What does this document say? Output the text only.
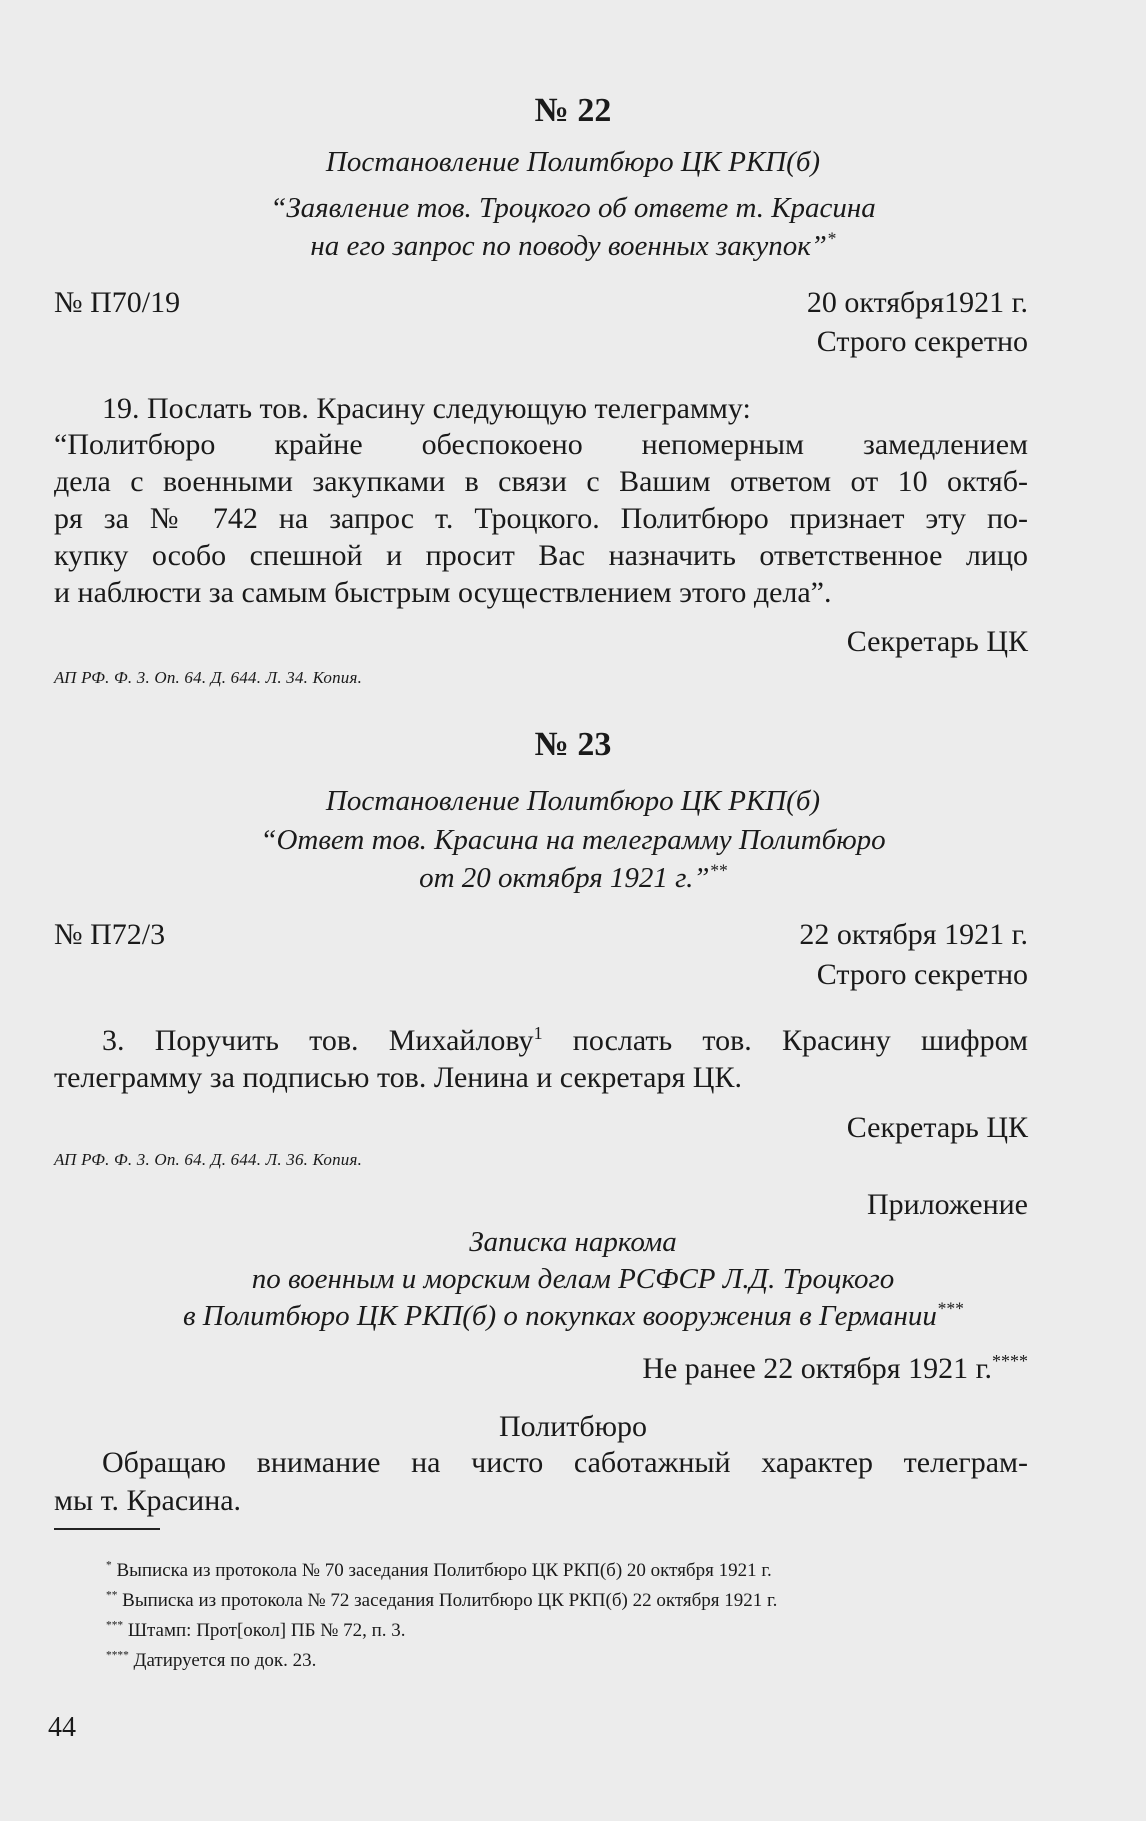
№ 22
Постановление Политбюро ЦК РКП(б)
“Заявление тов. Троцкого об ответе т. Красина
на его запрос по поводу военных закупок”*
№ П70/19	20 октября1921 г.
Строго секретно
19. Послать тов. Красину следующую телеграмму:
“Политбюро крайне обеспокоено непомерным замедлением
дела с военными закупками в связи с Вашим ответом от 10 октяб-
ря за № 742 на запрос т. Троцкого. Политбюро признает эту по-
купку особо спешной и просит Вас назначить ответственное лицо
и наблюсти за самым быстрым осуществлением этого дела”.
Секретарь ЦК
АП РФ. Ф. 3. Оп. 64. Д. 644. Л. 34. Копия.
№ 23
Постановление Политбюро ЦК РКП(б)
“Ответ тов. Красина на телеграмму Политбюро
от 20 октября 1921 г.”**
№ П72/3	22 октября 1921 г.
Строго секретно
3. Поручить тов. Михайлову$^1$ послать тов. Красину шифром
телеграмму за подписью тов. Ленина и секретаря ЦК.
Секретарь ЦК
АП РФ. Ф. 3. Оп. 64. Д. 644. Л. 36. Копия.
Приложение
Записка наркома
по военным и морским делам РСФСР Л.Д. Троцкого
в Политбюро ЦК РКП(б) о покупках вооружения в Германии***
Не ранее 22 октября 1921 г.****
Политбюро
Обращаю внимание на чисто саботажный характер телеграм-
мы т. Красина.
* Выписка из протокола № 70 заседания Политбюро ЦК РКП(б) 20 октября 1921 г.
** Выписка из протокола № 72 заседания Политбюро ЦК РКП(б) 22 октября 1921 г.
*** Штамп: Прот[окол] ПБ № 72, п. 3.
**** Датируется по док. 23.
44
